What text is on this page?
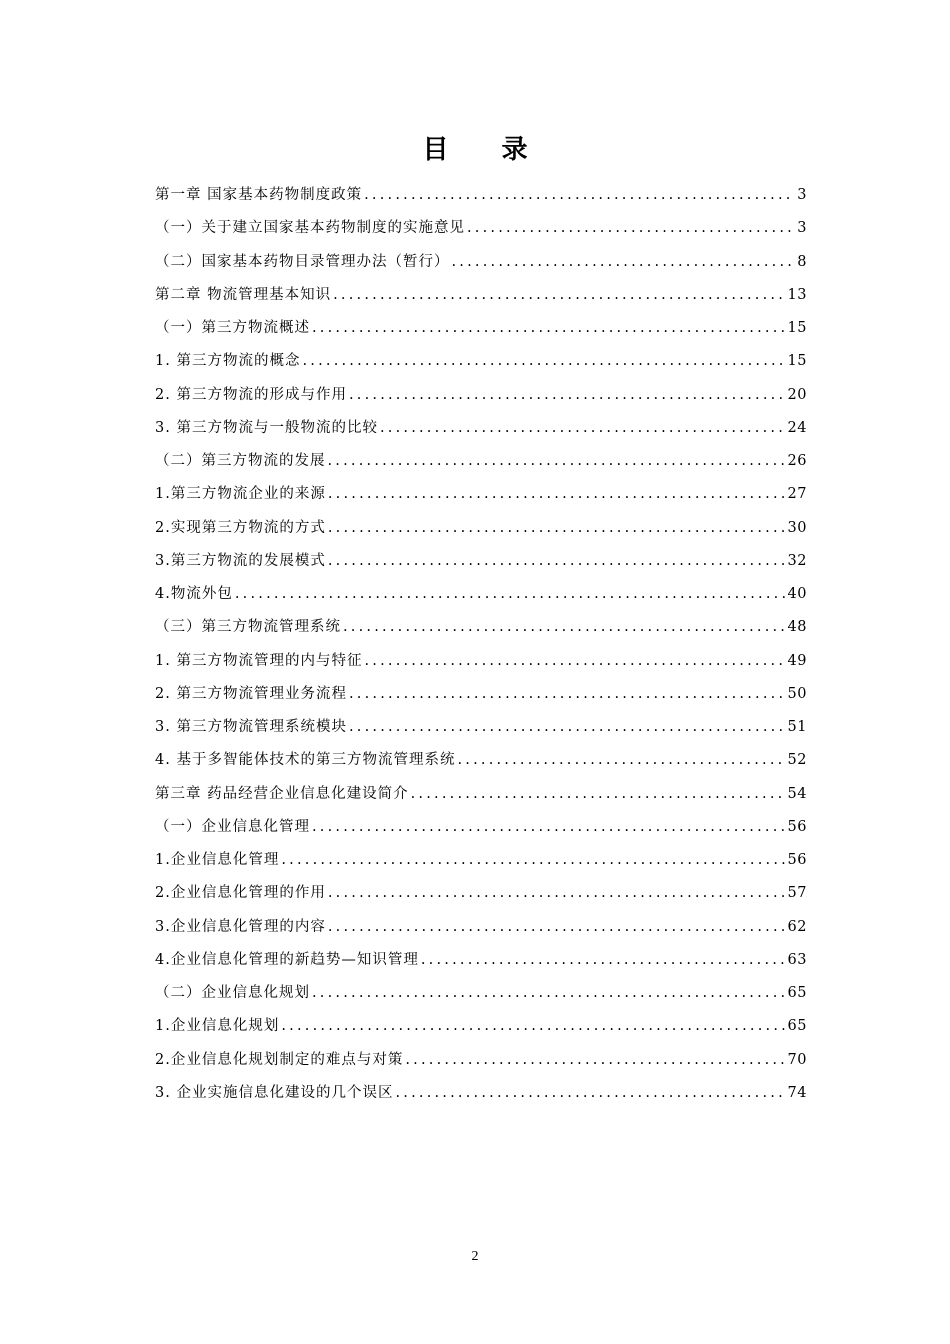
目 录
第一章 国家基本药物制度政策 .....	3
（一）关于建立国家基本药物制度的实施意见 .....	3
（二）国家基本药物目录管理办法（暂行） .....	8
第二章 物流管理基本知识 .....	13
（一）第三方物流概述 .....	15
1. 第三方物流的概念 .....	15
2. 第三方物流的形成与作用 .....	20
3. 第三方物流与一般物流的比较 .....	24
（二）第三方物流的发展 .....	26
1.第三方物流企业的来源 .....	27
2.实现第三方物流的方式 .....	30
3.第三方物流的发展模式 .....	32
4.物流外包 .....	40
（三）第三方物流管理系统 .....	48
1. 第三方物流管理的内与特征 .....	49
2. 第三方物流管理业务流程 .....	50
3. 第三方物流管理系统模块 .....	51
4. 基于多智能体技术的第三方物流管理系统 .....	52
第三章 药品经营企业信息化建设简介 .....	54
（一）企业信息化管理 .....	56
1.企业信息化管理 .....	56
2.企业信息化管理的作用 .....	57
3.企业信息化管理的内容 .....	62
4.企业信息化管理的新趋势—知识管理 .....	63
（二）企业信息化规划 .....	65
1.企业信息化规划 .....	65
2.企业信息化规划制定的难点与对策 .....	70
3. 企业实施信息化建设的几个误区 .....	74
2
